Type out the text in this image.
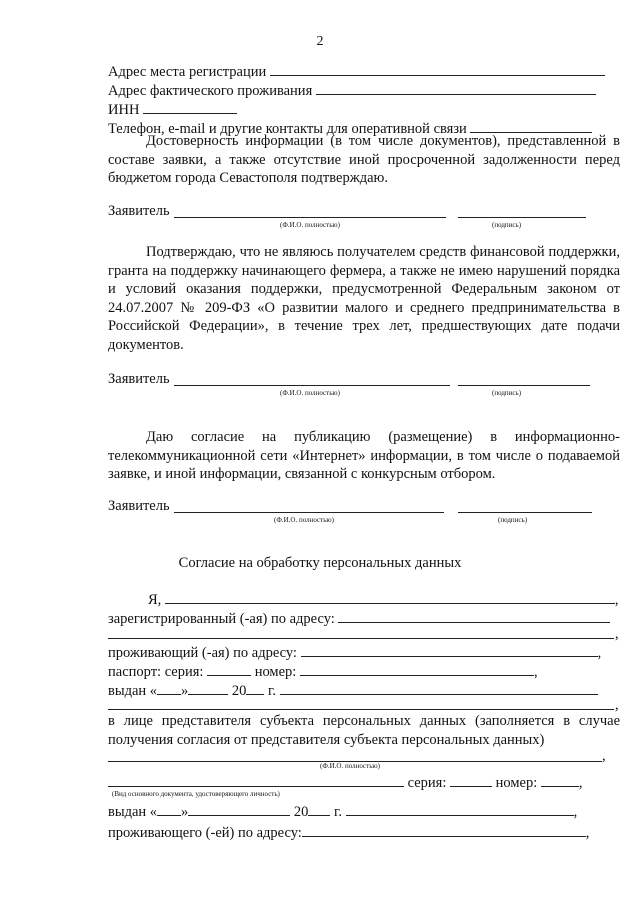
2
Адрес места регистрации
Адрес фактического проживания
ИНН
Телефон, e-mail и другие контакты для оперативной связи

Достоверность информации (в том числе документов), представленной в составе заявки, а также отсутствие иной просроченной задолженности перед бюджетом города Севастополя подтверждаю.

Заявитель
(Ф.И.О. полностью)	(подпись)

Подтверждаю, что не являюсь получателем средств финансовой поддержки, гранта на поддержку начинающего фермера, а также не имею нарушений порядка и условий оказания поддержки, предусмотренной Федеральным законом от 24.07.2007 № 209-ФЗ «О развитии малого и среднего предпринимательства в Российской Федерации», в течение трех лет, предшествующих дате подачи документов.

Заявитель
(Ф.И.О. полностью)	(подпись)

Даю согласие на публикацию (размещение) в информационно-телекоммуникационной сети «Интернет» информации, в том числе о подаваемой заявке, и иной информации, связанной с конкурсным отбором.

Заявитель
(Ф.И.О. полностью)	(подпись)
Согласие на обработку персональных данных
Я,	,
зарегистрированный (-ая) по адресу:
,
проживающий (-ая) по адресу:	,
паспорт: серия:	номер:	,
выдан « »	20 г.
,

в лице представителя субъекта персональных данных (заполняется в случае получения согласия от представителя субъекта персональных данных)

,
(Ф.И.О. полностью)
серия:	номер:	,
(Вид основного документа, удостоверяющего личность)
выдан « »	20 г.	,
проживающего (-ей) по адресу:	,
